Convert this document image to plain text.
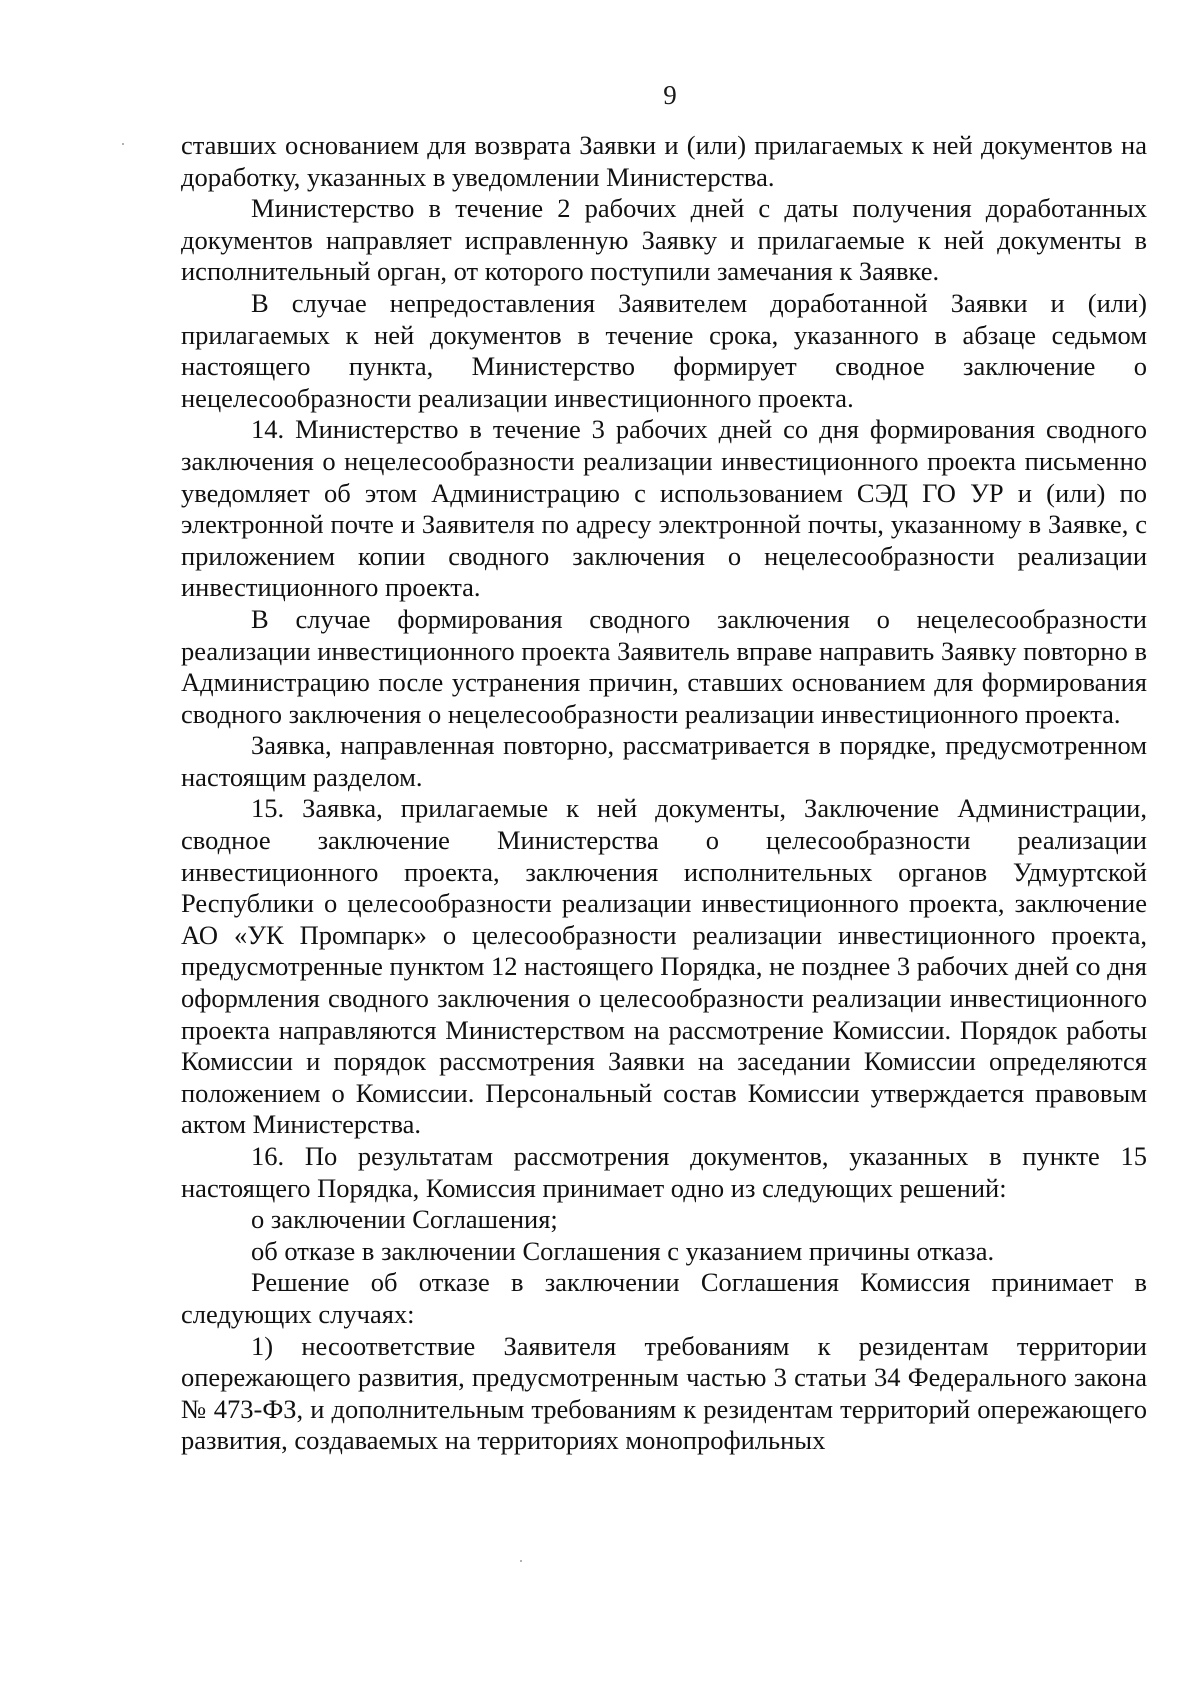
9

ставших основанием для возврата Заявки и (или) прилагаемых к ней документов на доработку, указанных в уведомлении Министерства.

Министерство в течение 2 рабочих дней с даты получения доработанных документов направляет исправленную Заявку и прилагаемые к ней документы в исполнительный орган, от которого поступили замечания к Заявке.

В случае непредоставления Заявителем доработанной Заявки и (или) прилагаемых к ней документов в течение срока, указанного в абзаце седьмом настоящего пункта, Министерство формирует сводное заключение о нецелесообразности реализации инвестиционного проекта.

14. Министерство в течение 3 рабочих дней со дня формирования сводного заключения о нецелесообразности реализации инвестиционного проекта письменно уведомляет об этом Администрацию с использованием СЭД ГО УР и (или) по электронной почте и Заявителя по адресу электронной почты, указанному в Заявке, с приложением копии сводного заключения о нецелесообразности реализации инвестиционного проекта.

В случае формирования сводного заключения о нецелесообразности реализации инвестиционного проекта Заявитель вправе направить Заявку повторно в Администрацию после устранения причин, ставших основанием для формирования сводного заключения о нецелесообразности реализации инвестиционного проекта.

Заявка, направленная повторно, рассматривается в порядке, предусмотренном настоящим разделом.

15. Заявка, прилагаемые к ней документы, Заключение Администрации, сводное заключение Министерства о целесообразности реализации инвестиционного проекта, заключения исполнительных органов Удмуртской Республики о целесообразности реализации инвестиционного проекта, заключение АО «УК Промпарк» о целесообразности реализации инвестиционного проекта, предусмотренные пунктом 12 настоящего Порядка, не позднее 3 рабочих дней со дня оформления сводного заключения о целесообразности реализации инвестиционного проекта направляются Министерством на рассмотрение Комиссии. Порядок работы Комиссии и порядок рассмотрения Заявки на заседании Комиссии определяются положением о Комиссии. Персональный состав Комиссии утверждается правовым актом Министерства.

16. По результатам рассмотрения документов, указанных в пункте 15 настоящего Порядка, Комиссия принимает одно из следующих решений:

о заключении Соглашения;

об отказе в заключении Соглашения с указанием причины отказа.

Решение об отказе в заключении Соглашения Комиссия принимает в следующих случаях:

1) несоответствие Заявителя требованиям к резидентам территории опережающего развития, предусмотренным частью 3 статьи 34 Федерального закона № 473-ФЗ, и дополнительным требованиям к резидентам территорий опережающего развития, создаваемых на территориях монопрофильных
